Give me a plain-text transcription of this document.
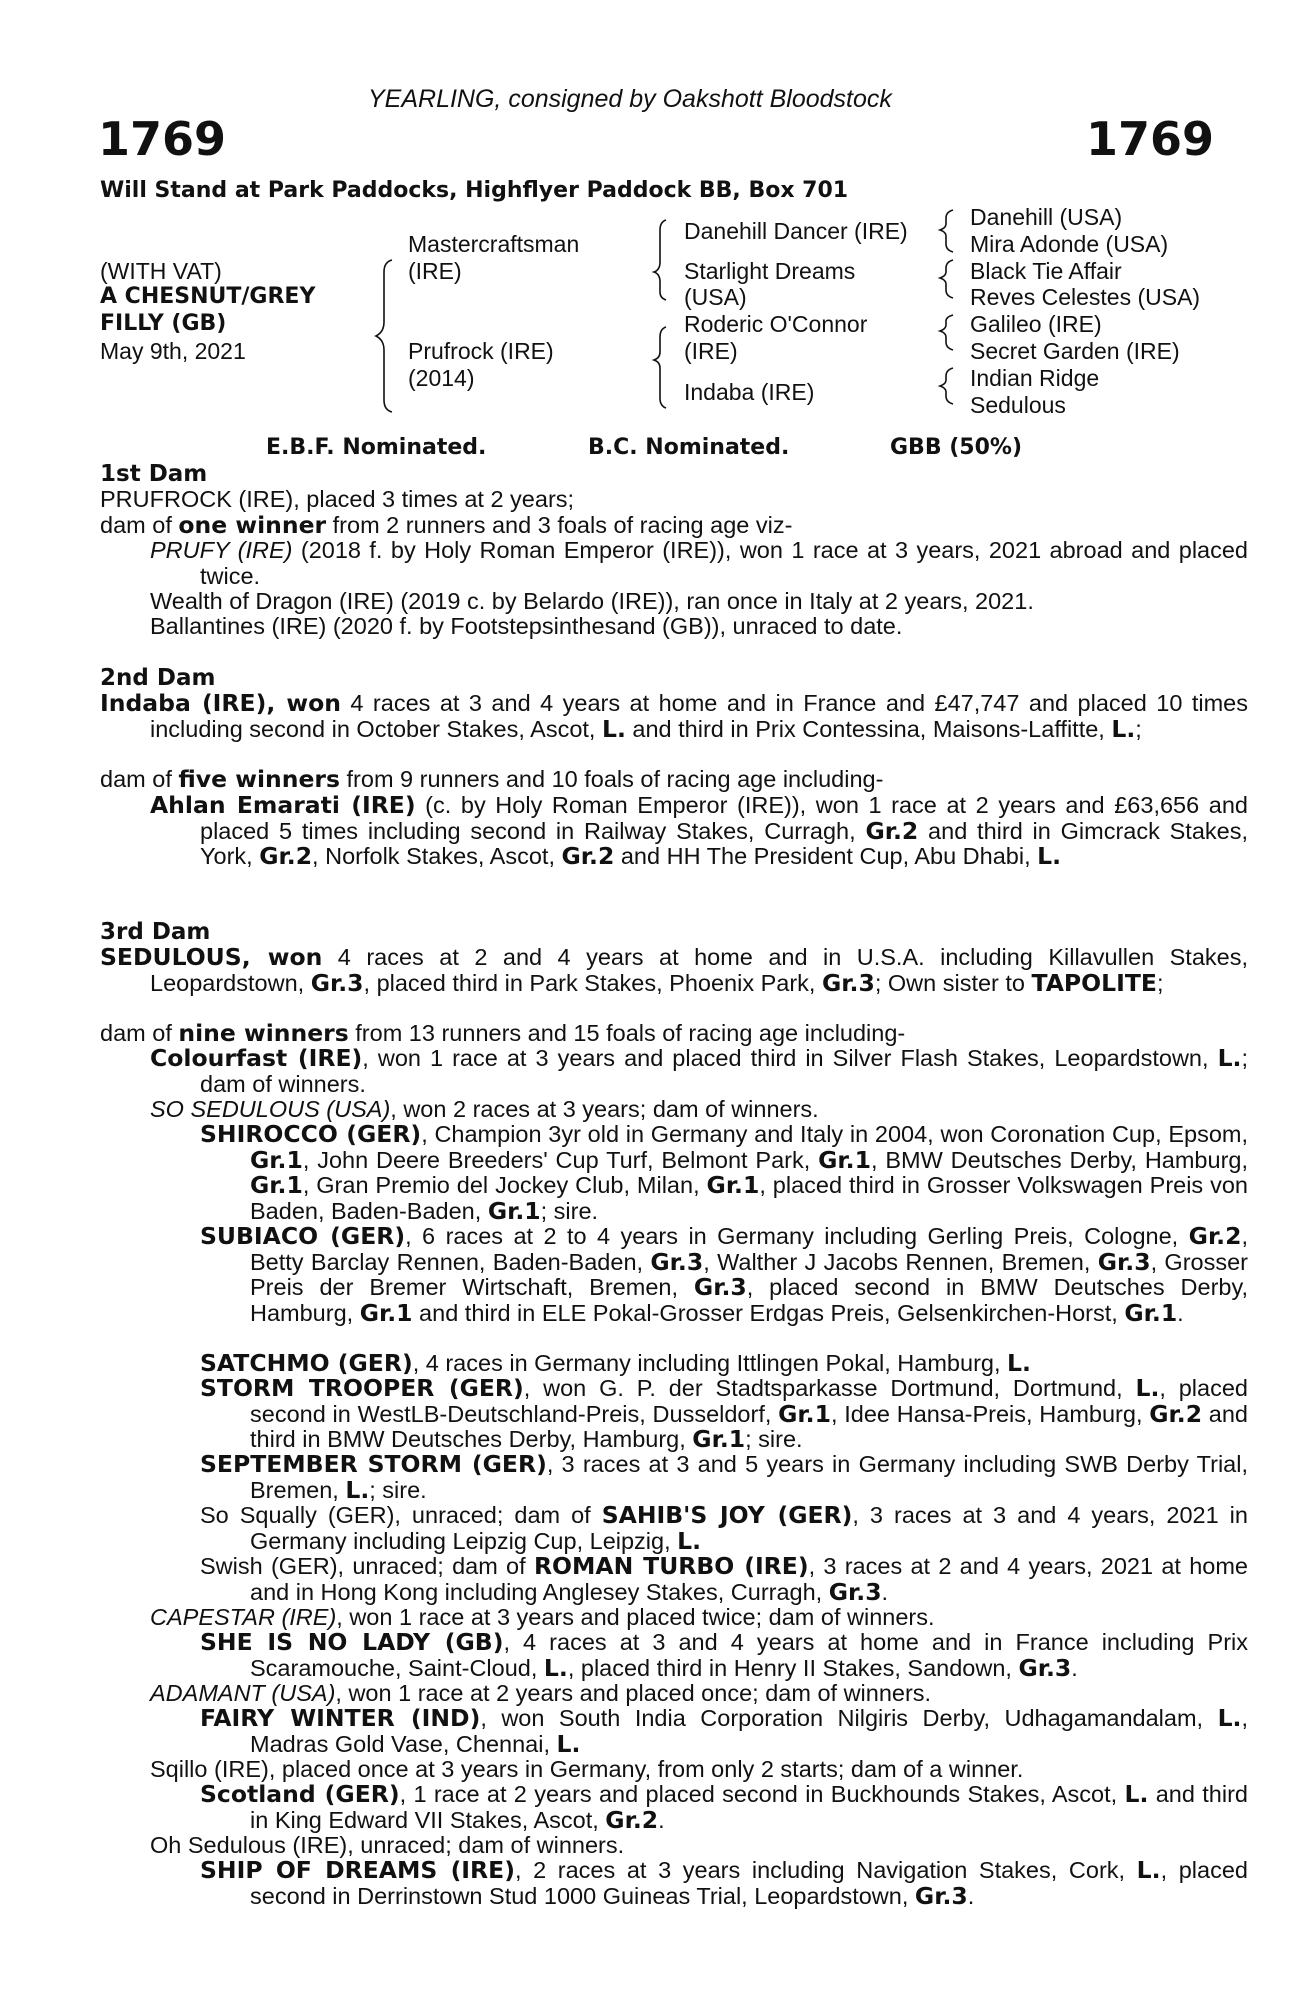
YEARLING, consigned by Oakshott Bloodstock
1769	1769
Will Stand at Park Paddocks, Highflyer Paddock BB, Box 701
(WITH VAT)
A CHESNUT/GREY
FILLY (GB)
May 9th, 2021
Mastercraftsman
(IRE)
Prufrock (IRE)
(2014)
Danehill Dancer (IRE)
Starlight Dreams
(USA)
Roderic O'Connor
(IRE)
Indaba (IRE)
Danehill (USA)
Mira Adonde (USA)
Black Tie Affair
Reves Celestes (USA)
Galileo (IRE)
Secret Garden (IRE)
Indian Ridge
Sedulous
E.B.F. Nominated.	B.C. Nominated.	GBB (50%)
1st Dam
PRUFROCK (IRE), placed 3 times at 2 years;
dam of one winner from 2 runners and 3 foals of racing age viz-
PRUFY (IRE) (2018 f. by Holy Roman Emperor (IRE)), won 1 race at 3 years, 2021 abroad and placed twice.
Wealth of Dragon (IRE) (2019 c. by Belardo (IRE)), ran once in Italy at 2 years, 2021.
Ballantines (IRE) (2020 f. by Footstepsinthesand (GB)), unraced to date.
2nd Dam
Indaba (IRE), won 4 races at 3 and 4 years at home and in France and £47,747 and placed 10 times including second in October Stakes, Ascot, L. and third in Prix Contessina, Maisons-Laffitte, L.;
dam of five winners from 9 runners and 10 foals of racing age including-
Ahlan Emarati (IRE) (c. by Holy Roman Emperor (IRE)), won 1 race at 2 years and £63,656 and placed 5 times including second in Railway Stakes, Curragh, Gr.2 and third in Gimcrack Stakes, York, Gr.2, Norfolk Stakes, Ascot, Gr.2 and HH The President Cup, Abu Dhabi, L.
3rd Dam
SEDULOUS, won 4 races at 2 and 4 years at home and in U.S.A. including Killavullen Stakes, Leopardstown, Gr.3, placed third in Park Stakes, Phoenix Park, Gr.3; Own sister to TAPOLITE;
dam of nine winners from 13 runners and 15 foals of racing age including-
Colourfast (IRE), won 1 race at 3 years and placed third in Silver Flash Stakes, Leopardstown, L.; dam of winners.
SO SEDULOUS (USA), won 2 races at 3 years; dam of winners.
SHIROCCO (GER), Champion 3yr old in Germany and Italy in 2004, won Coronation Cup, Epsom, Gr.1, John Deere Breeders' Cup Turf, Belmont Park, Gr.1, BMW Deutsches Derby, Hamburg, Gr.1, Gran Premio del Jockey Club, Milan, Gr.1, placed third in Grosser Volkswagen Preis von Baden, Baden-Baden, Gr.1; sire.
SUBIACO (GER), 6 races at 2 to 4 years in Germany including Gerling Preis, Cologne, Gr.2, Betty Barclay Rennen, Baden-Baden, Gr.3, Walther J Jacobs Rennen, Bremen, Gr.3, Grosser Preis der Bremer Wirtschaft, Bremen, Gr.3, placed second in BMW Deutsches Derby, Hamburg, Gr.1 and third in ELE Pokal-Grosser Erdgas Preis, Gelsenkirchen-Horst, Gr.1.
SATCHMO (GER), 4 races in Germany including Ittlingen Pokal, Hamburg, L.
STORM TROOPER (GER), won G. P. der Stadtsparkasse Dortmund, Dortmund, L., placed second in WestLB-Deutschland-Preis, Dusseldorf, Gr.1, Idee Hansa-Preis, Hamburg, Gr.2 and third in BMW Deutsches Derby, Hamburg, Gr.1; sire.
SEPTEMBER STORM (GER), 3 races at 3 and 5 years in Germany including SWB Derby Trial, Bremen, L.; sire.
So Squally (GER), unraced; dam of SAHIB'S JOY (GER), 3 races at 3 and 4 years, 2021 in Germany including Leipzig Cup, Leipzig, L.
Swish (GER), unraced; dam of ROMAN TURBO (IRE), 3 races at 2 and 4 years, 2021 at home and in Hong Kong including Anglesey Stakes, Curragh, Gr.3.
CAPESTAR (IRE), won 1 race at 3 years and placed twice; dam of winners.
SHE IS NO LADY (GB), 4 races at 3 and 4 years at home and in France including Prix Scaramouche, Saint-Cloud, L., placed third in Henry II Stakes, Sandown, Gr.3.
ADAMANT (USA), won 1 race at 2 years and placed once; dam of winners.
FAIRY WINTER (IND), won South India Corporation Nilgiris Derby, Udhagamandalam, L., Madras Gold Vase, Chennai, L.
Sqillo (IRE), placed once at 3 years in Germany, from only 2 starts; dam of a winner.
Scotland (GER), 1 race at 2 years and placed second in Buckhounds Stakes, Ascot, L. and third in King Edward VII Stakes, Ascot, Gr.2.
Oh Sedulous (IRE), unraced; dam of winners.
SHIP OF DREAMS (IRE), 2 races at 3 years including Navigation Stakes, Cork, L., placed second in Derrinstown Stud 1000 Guineas Trial, Leopardstown, Gr.3.
